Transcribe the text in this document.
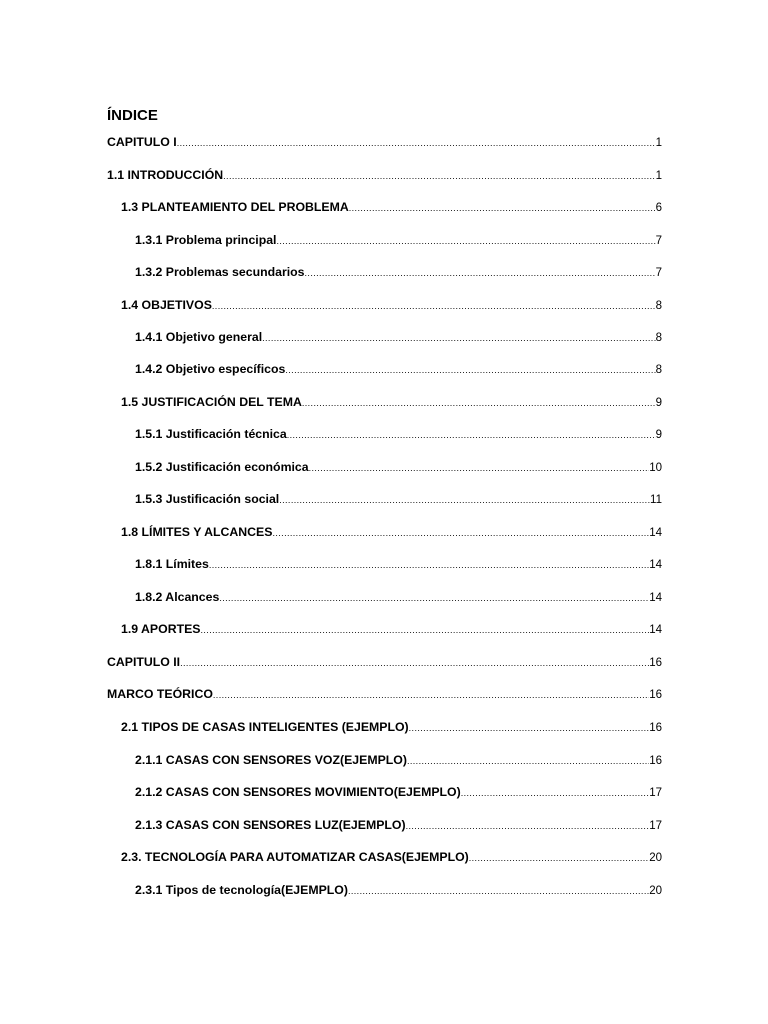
ÍNDICE
CAPITULO I .....	1
1.1 INTRODUCCIÓN .....	1
1.3 PLANTEAMIENTO DEL PROBLEMA .....	6
1.3.1 Problema principal .....	7
1.3.2 Problemas secundarios .....	7
1.4 OBJETIVOS .....	8
1.4.1 Objetivo general .....	8
1.4.2 Objetivo específicos .....	8
1.5 JUSTIFICACIÓN DEL TEMA .....	9
1.5.1 Justificación técnica .....	9
1.5.2 Justificación económica .....	10
1.5.3 Justificación social .....	11
1.8 LÍMITES Y ALCANCES .....	14
1.8.1 Límites .....	14
1.8.2 Alcances .....	14
1.9 APORTES .....	14
CAPITULO II .....	16
MARCO TEÓRICO .....	16
2.1 TIPOS DE CASAS INTELIGENTES (EJEMPLO) .....	16
2.1.1 CASAS CON SENSORES VOZ(EJEMPLO) .....	16
2.1.2 CASAS CON SENSORES MOVIMIENTO(EJEMPLO) .....	17
2.1.3 CASAS CON SENSORES LUZ(EJEMPLO) .....	17
2.3. TECNOLOGÍA PARA AUTOMATIZAR CASAS(EJEMPLO) .....	20
2.3.1 Tipos de tecnología(EJEMPLO) .....	20
